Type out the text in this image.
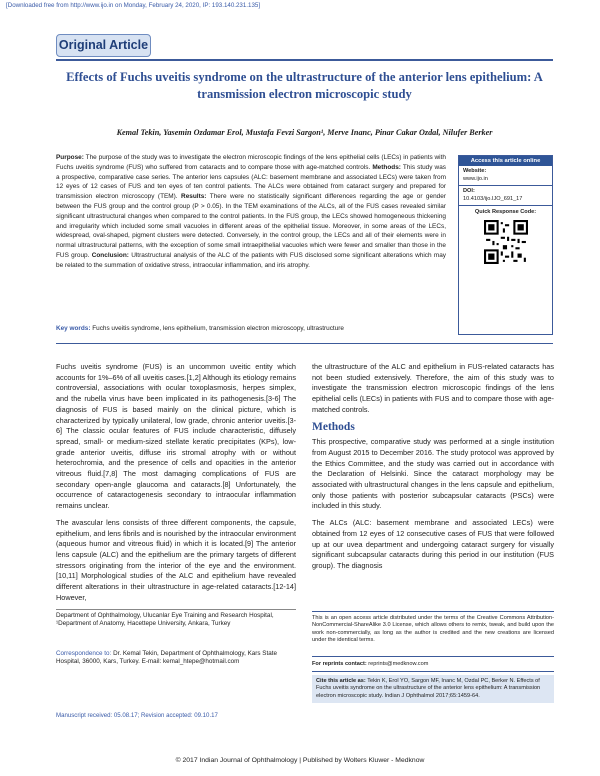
[Downloaded free from http://www.ijo.in on Monday, February 24, 2020, IP: 193.140.231.135]
Original Article
Effects of Fuchs uveitis syndrome on the ultrastructure of the anterior lens epithelium: A transmission electron microscopic study
Kemal Tekin, Yasemin Ozdamar Erol, Mustafa Fevzi Sargon¹, Merve Inanc, Pinar Cakar Ozdal, Nilufer Berker
Purpose: The purpose of the study was to investigate the electron microscopic findings of the lens epithelial cells (LECs) in patients with Fuchs uveitis syndrome (FUS) who suffered from cataracts and to compare those with age-matched controls. Methods: This study was a prospective, comparative case series. The anterior lens capsules (ALC: basement membrane and associated LECs) were taken from 12 eyes of 12 cases of FUS and ten eyes of ten control patients. The ALCs were obtained from cataract surgery and prepared for transmission electron microscopy (TEM). Results: There were no statistically significant differences regarding the age or gender between the FUS group and the control group (P > 0.05). In the TEM examinations of the ALCs, all of the FUS cases revealed similar significant ultrastructural changes when compared to the control patients. In the FUS group, the LECs showed homogeneous thickening and irregularity which included some small vacuoles in different areas of the epithelial tissue. Moreover, in some areas of the LECs, widespread, oval-shaped, pigment clusters were detected. Conversely, in the control group, the LECs and all of their elements were in normal ultrastructural patterns, with the exception of some small intraepithelial vacuoles which were fewer and smaller than those in the FUS group. Conclusion: Ultrastructural analysis of the ALC of the patients with FUS disclosed some significant alterations which may be related to the summation of oxidative stress, intraocular inflammation, and iris atrophy.
Access this article online
Website:
www.ijo.in
DOI:
10.4103/ijo.IJO_691_17
Quick Response Code:
Key words: Fuchs uveitis syndrome, lens epithelium, transmission electron microscopy, ultrastructure

Fuchs uveitis syndrome (FUS) is an uncommon uveitic entity which accounts for 1%–6% of all uveitis cases.[1,2] Although its etiology remains controversial, associations with ocular toxoplasmosis, herpes simplex, and the rubella virus have been implicated in its pathogenesis.[3-6] The diagnosis of FUS is based mainly on the clinical picture, which is characterized by typically unilateral, low grade, chronic anterior uveitis.[3-6] The classic ocular features of FUS include characteristic, diffusely spread, small- or medium-sized stellate keratic precipitates (KPs), low-grade anterior uveitis, diffuse iris stromal atrophy with or without heterochromia, and the presence of cells and opacities in the anterior vitreous fluid.[7,8] The most damaging complications of FUS are secondary open-angle glaucoma and cataracts.[8] Unfortunately, the occurrence of cataractogenesis secondary to intraocular inflammation remains unclear.

The avascular lens consists of three different components, the capsule, epithelium, and lens fibrils and is nourished by the intraocular environment (aqueous humor and vitreous fluid) in which it is located.[9] The anterior lens capsule (ALC) and the epithelium are the primary targets of different stressors originating from the interior of the eye and the environment.[10,11] Morphological studies of the ALC and epithelium have revealed different alterations in their ultrastructure in age-related cataracts.[12-14] However,

the ultrastructure of the ALC and epithelium in FUS-related cataracts has not been studied extensively. Therefore, the aim of this study was to investigate the transmission electron microscopic findings of the lens epithelial cells (LECs) in patients with FUS and to compare those with age-matched controls.

Methods

This prospective, comparative study was performed at a single institution from August 2015 to December 2016. The study protocol was approved by the Ethics Committee, and the study was carried out in accordance with the Declaration of Helsinki. Since the cataract morphology may be associated with ultrastructural changes in the lens capsule and epithelium, only those patients with posterior subcapsular cataracts (PSCs) were included in this study.

The ALCs (ALC: basement membrane and associated LECs) were obtained from 12 eyes of 12 consecutive cases of FUS that were followed up at our uvea department and undergoing cataract surgery for visually significant subcapsular cataracts during this period in our institution (FUS group). The diagnosis

Department of Ophthalmology, Ulucanlar Eye Training and Research Hospital, ¹Department of Anatomy, Hacettepe University, Ankara, Turkey
Correspondence to: Dr. Kemal Tekin, Department of Ophthalmology, Kars State Hospital, 36000, Kars, Turkey. E-mail: kemal_htepe@hotmail.com
Manuscript received: 05.08.17; Revision accepted: 09.10.17
This is an open access article distributed under the terms of the Creative Commons Attribution-NonCommercial-ShareAlike 3.0 License, which allows others to remix, tweak, and build upon the work non-commercially, as long as the author is credited and the new creations are licensed under the identical terms.
For reprints contact: reprints@medknow.com
Cite this article as: Tekin K, Erol YO, Sargon MF, Inanc M, Ozdal PC, Berker N. Effects of Fuchs uveitis syndrome on the ultrastructure of the anterior lens epithelium: A transmission electron microscopic study. Indian J Ophthalmol 2017;65:1459-64.
© 2017 Indian Journal of Ophthalmology | Published by Wolters Kluwer - Medknow
